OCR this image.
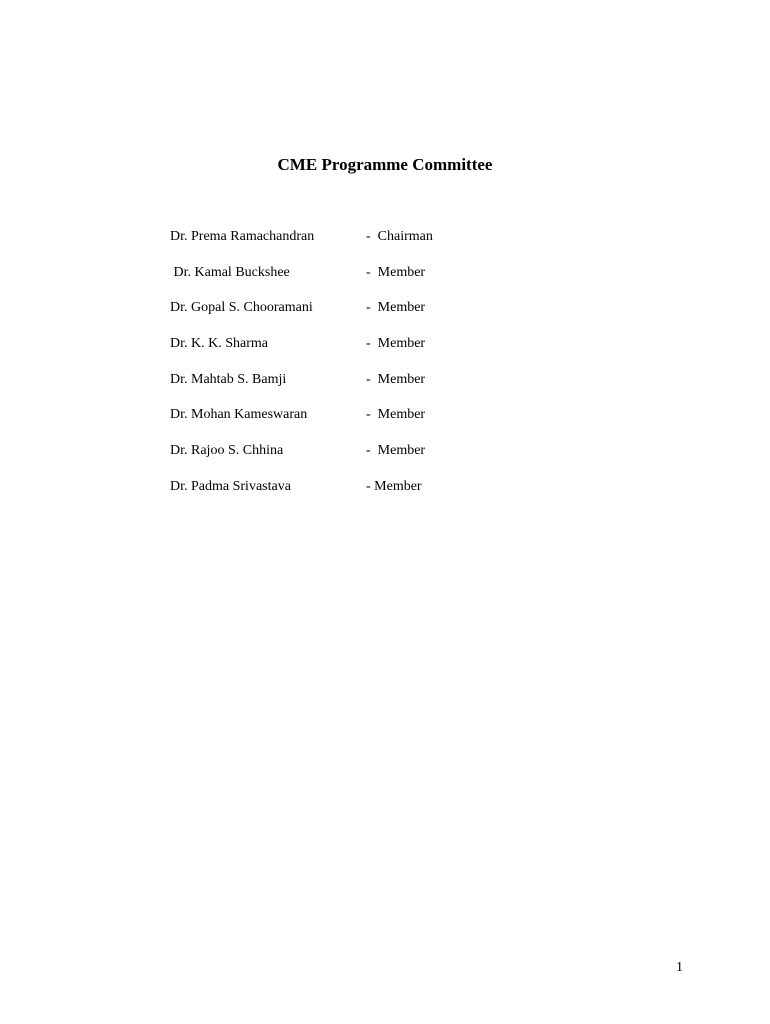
CME Programme Committee
Dr. Prema Ramachandran	-  Chairman
Dr. Kamal Buckshee	-  Member
Dr. Gopal S. Chooramani	-  Member
Dr. K. K. Sharma	-  Member
Dr. Mahtab S. Bamji	-  Member
Dr. Mohan Kameswaran	-  Member
Dr. Rajoo S. Chhina	-  Member
Dr. Padma Srivastava	- Member
1
